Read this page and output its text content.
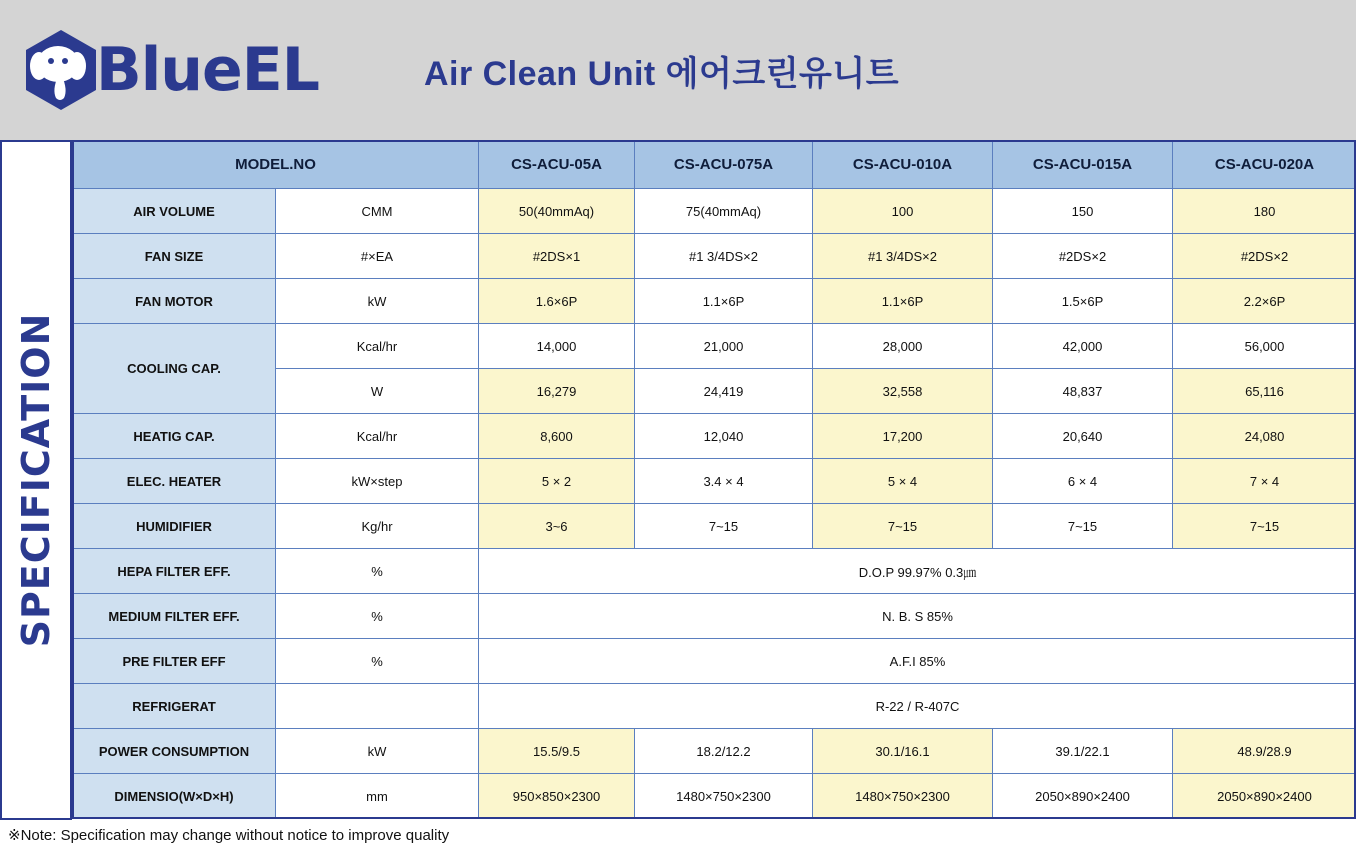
BlueEL	Air Clean Unit 에어크린유니트
SPECIFICATION
MODEL.NO		CS-ACU-05A	CS-ACU-075A	CS-ACU-010A	CS-ACU-015A	CS-ACU-020A
AIR VOLUME	CMM	50(40mmAq)	75(40mmAq)	100	150	180
FAN SIZE	#×EA	#2DS×1	#1 3/4DS×2	#1 3/4DS×2	#2DS×2	#2DS×2
FAN MOTOR	kW	1.6×6P	1.1×6P	1.1×6P	1.5×6P	2.2×6P
COOLING CAP.	Kcal/hr	14,000	21,000	28,000	42,000	56,000
	W	16,279	24,419	32,558	48,837	65,116
HEATIG CAP.	Kcal/hr	8,600	12,040	17,200	20,640	24,080
ELEC. HEATER	kW×step	5 × 2	3.4 × 4	5 × 4	6 × 4	7 × 4
HUMIDIFIER	Kg/hr	3~6	7~15	7~15	7~15	7~15
HEPA FILTER EFF.	%	D.O.P 99.97% 0.3㎛				
MEDIUM FILTER EFF.	%	N. B. S 85%				
PRE FILTER EFF	%	A.F.I 85%				
REFRIGERAT		R-22 / R-407C				
POWER CONSUMPTION	kW	15.5/9.5	18.2/12.2	30.1/16.1	39.1/22.1	48.9/28.9
DIMENSIO(W×D×H)	mm	950×850×2300	1480×750×2300	1480×750×2300	2050×890×2400	2050×890×2400
※Note: Specification may change without notice to improve quality
